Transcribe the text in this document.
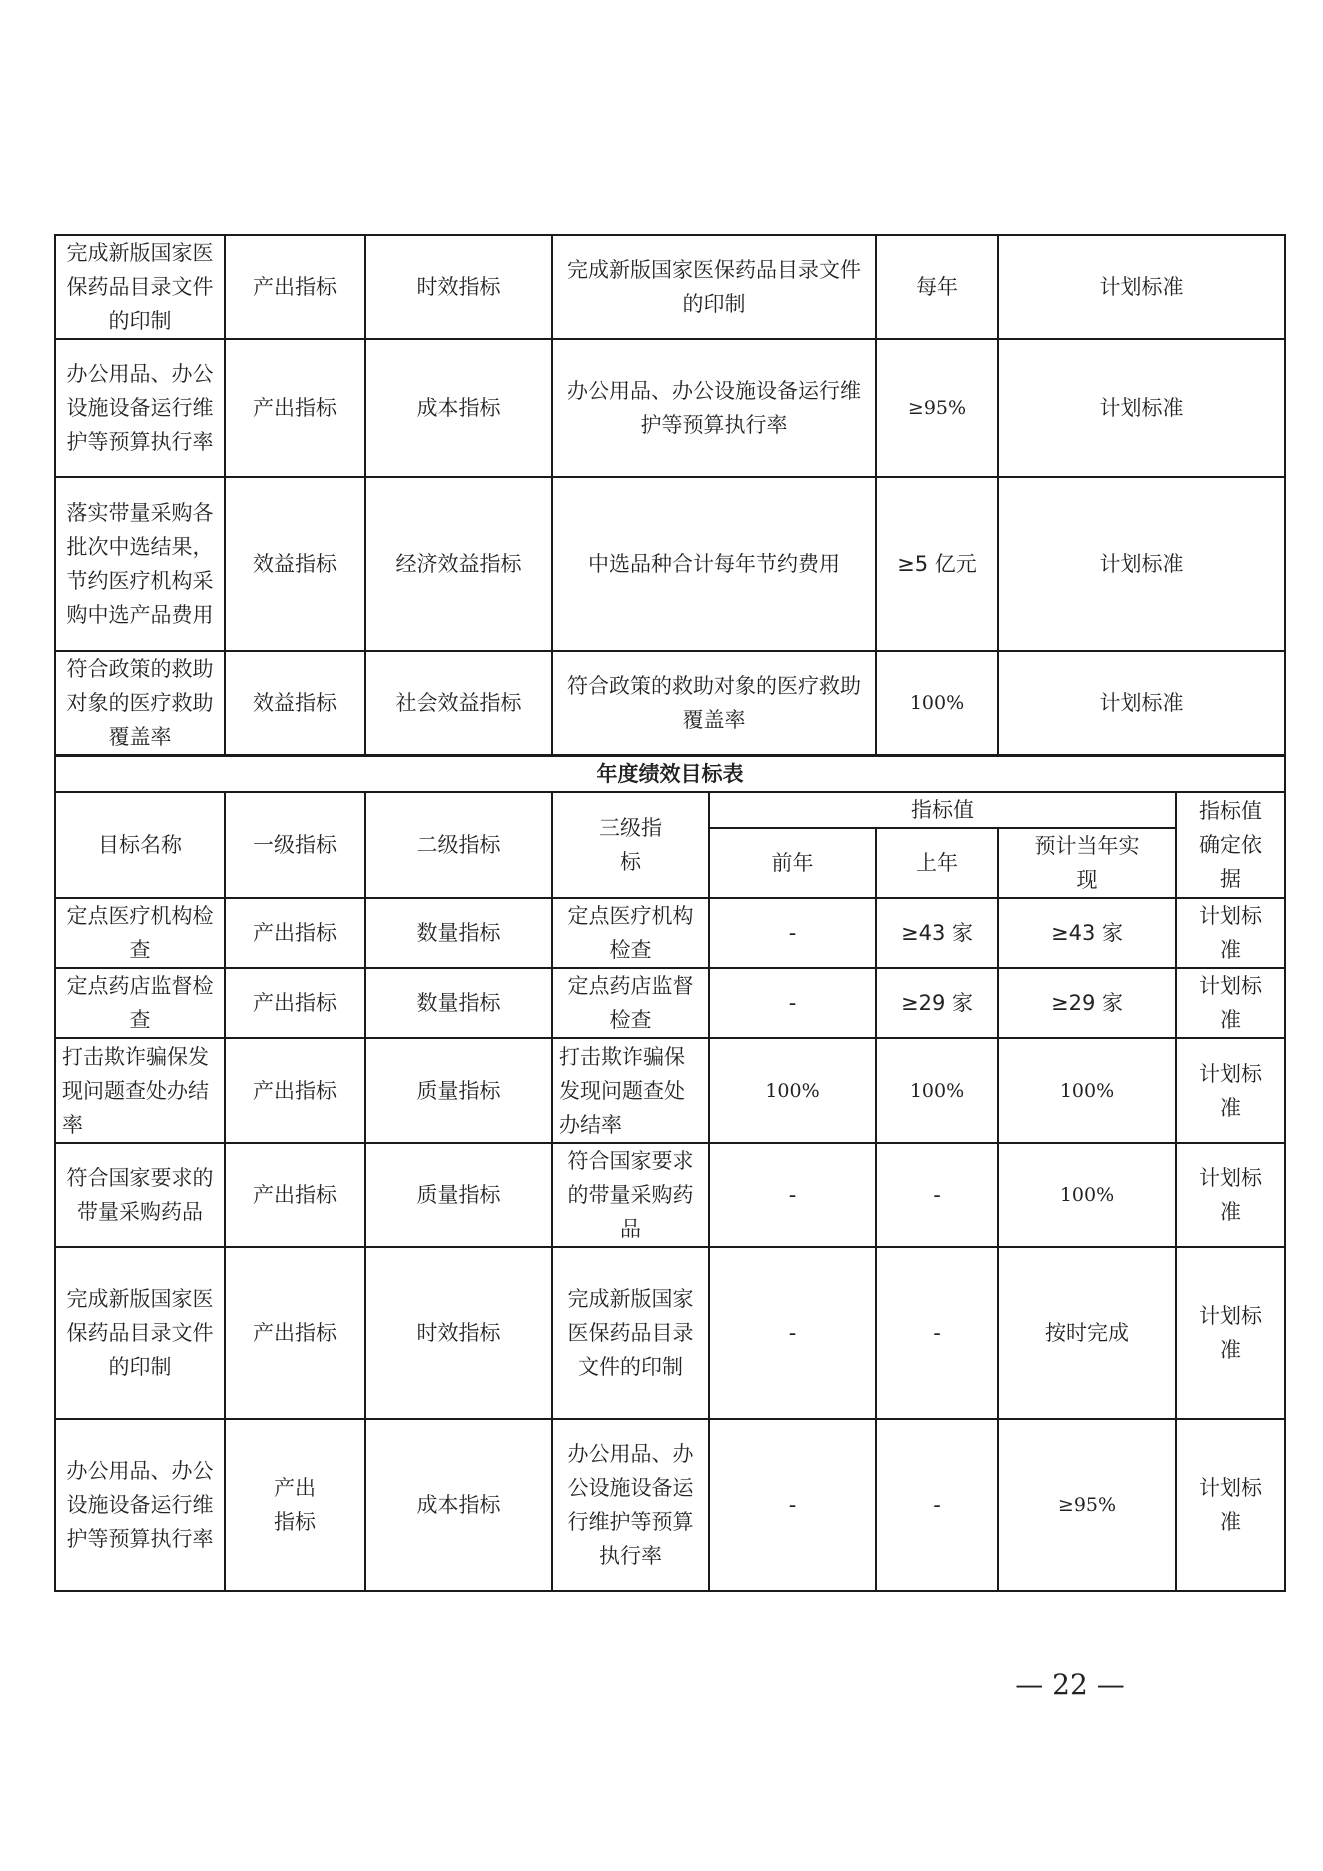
完成新版国家医保药品目录文件的印制	产出指标	时效指标	完成新版国家医保药品目录文件的印制	每年	计划标准
办公用品、办公设施设备运行维护等预算执行率	产出指标	成本指标	办公用品、办公设施设备运行维护等预算执行率	≥95%	计划标准
落实带量采购各批次中选结果，节约医疗机构采购中选产品费用	效益指标	经济效益指标	中选品种合计每年节约费用	≥5 亿元	计划标准
符合政策的救助对象的医疗救助覆盖率	效益指标	社会效益指标	符合政策的救助对象的医疗救助覆盖率	100%	计划标准
年度绩效目标表							
目标名称	一级指标	二级指标	三级指标	指标值			指标值确定依据
				前年	上年	预计当年实现	
定点医疗机构检查	产出指标	数量指标	定点医疗机构检查	-	≥43 家	≥43 家	计划标准
定点药店监督检查	产出指标	数量指标	定点药店监督检查	-	≥29 家	≥29 家	计划标准
打击欺诈骗保发现问题查处办结率	产出指标	质量指标	打击欺诈骗保发现问题查处办结率	100%	100%	100%	计划标准
符合国家要求的带量采购药品	产出指标	质量指标	符合国家要求的带量采购药品	-	-	100%	计划标准
完成新版国家医保药品目录文件的印制	产出指标	时效指标	完成新版国家医保药品目录文件的印制	-	-	按时完成	计划标准
办公用品、办公设施设备运行维护等预算执行率	产出指标	成本指标	办公用品、办公设施设备运行维护等预算执行率	-	-	≥95%	计划标准
— 22 —
